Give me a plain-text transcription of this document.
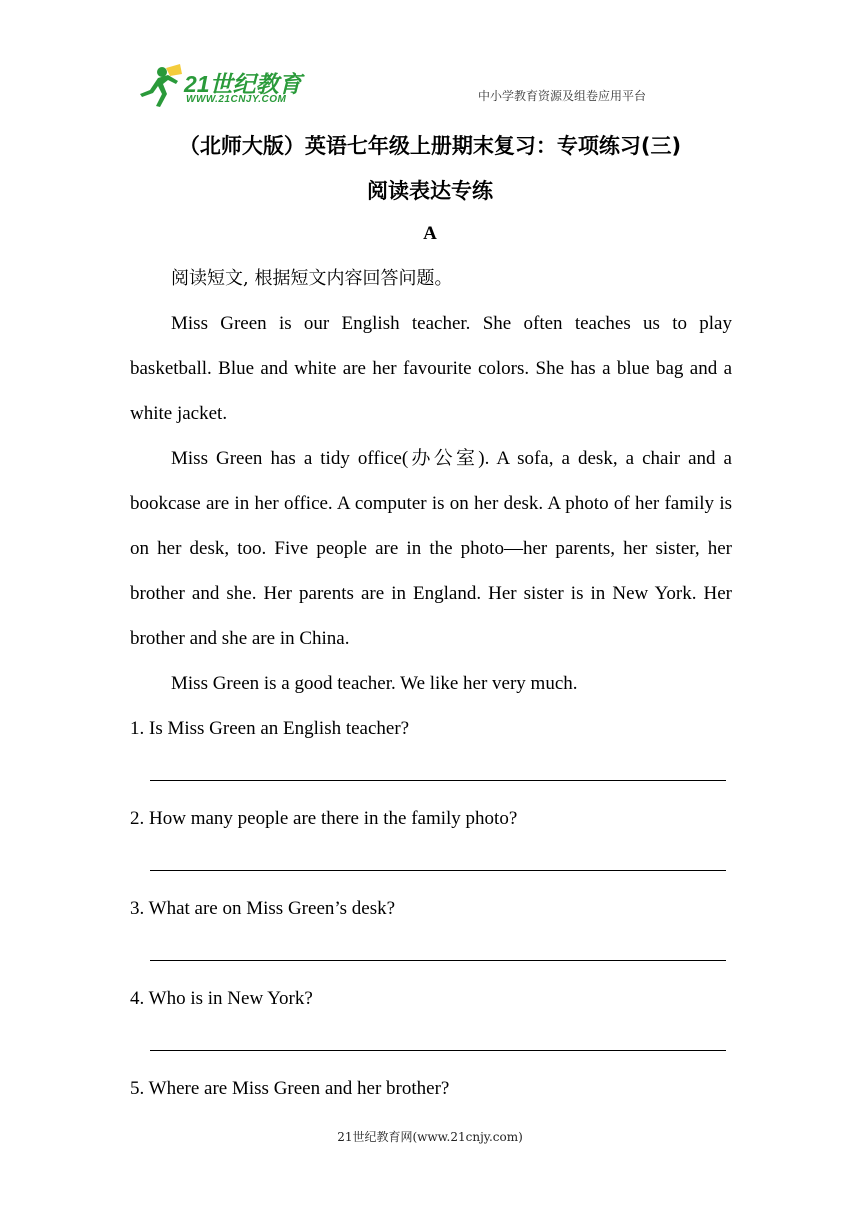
21世纪教育
WWW.21CNJY.COM	中小学教育资源及组卷应用平台
（北师大版）英语七年级上册期末复习：专项练习(三)
阅读表达专练
A

阅读短文, 根据短文内容回答问题。

Miss Green is our English teacher. She often teaches us to play basketball. Blue and white are her favourite colors. She has a blue bag and a white jacket.

Miss Green has a tidy office(办公室). A sofa, a desk, a chair and a bookcase are in her office. A computer is on her desk. A photo of her family is on her desk, too. Five people are in the photo—her parents, her sister, her brother and she. Her parents are in England. Her sister is in New York. Her brother and she are in China.

Miss Green is a good teacher. We like her very much.

1. Is Miss Green an English teacher?

2. How many people are there in the family photo?

3. What are on Miss Green’s desk?

4. Who is in New York?

5. Where are Miss Green and her brother?

21世纪教育网(www.21cnjy.com)
